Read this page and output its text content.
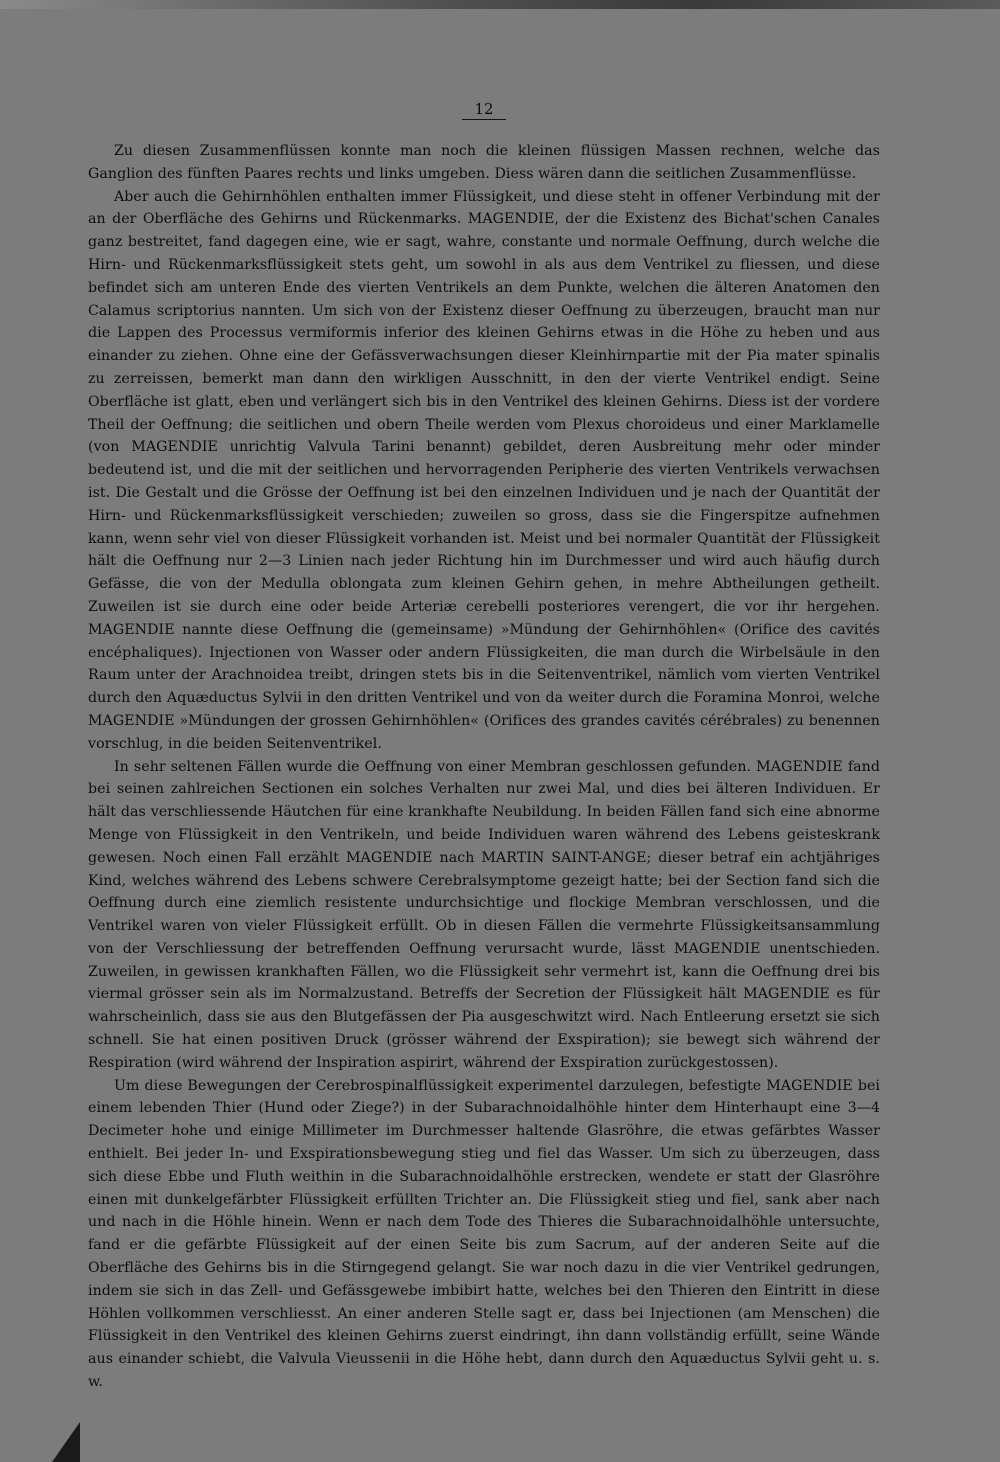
12

Zu diesen Zusammenflüssen konnte man noch die kleinen flüssigen Massen rechnen, welche das Ganglion des fünften Paares rechts und links umgeben. Diess wären dann die seitlichen Zusammenflüsse.

Aber auch die Gehirnhöhlen enthalten immer Flüssigkeit, und diese steht in offener Verbindung mit der an der Oberfläche des Gehirns und Rückenmarks. MAGENDIE, der die Existenz des Bichat'schen Canales ganz bestreitet, fand dagegen eine, wie er sagt, wahre, constante und normale Oeffnung, durch welche die Hirn- und Rückenmarksflüssigkeit stets geht, um sowohl in als aus dem Ventrikel zu fliessen, und diese befindet sich am unteren Ende des vierten Ventrikels an dem Punkte, welchen die älteren Anatomen den Calamus scriptorius nannten. Um sich von der Existenz dieser Oeffnung zu überzeugen, braucht man nur die Lappen des Processus vermiformis inferior des kleinen Gehirns etwas in die Höhe zu heben und aus einander zu ziehen. Ohne eine der Gefässverwachsungen dieser Kleinhirnpartie mit der Pia mater spinalis zu zerreissen, bemerkt man dann den wirkligen Ausschnitt, in den der vierte Ventrikel endigt. Seine Oberfläche ist glatt, eben und verlängert sich bis in den Ventrikel des kleinen Gehirns. Diess ist der vordere Theil der Oeffnung; die seitlichen und obern Theile werden vom Plexus choroideus und einer Marklamelle (von MAGENDIE unrichtig Valvula Tarini benannt) gebildet, deren Ausbreitung mehr oder minder bedeutend ist, und die mit der seitlichen und hervorragenden Peripherie des vierten Ventrikels verwachsen ist. Die Gestalt und die Grösse der Oeffnung ist bei den einzelnen Individuen und je nach der Quantität der Hirn- und Rückenmarksflüssigkeit verschieden; zuweilen so gross, dass sie die Fingerspitze aufnehmen kann, wenn sehr viel von dieser Flüssigkeit vorhanden ist. Meist und bei normaler Quantität der Flüssigkeit hält die Oeffnung nur 2—3 Linien nach jeder Richtung hin im Durchmesser und wird auch häufig durch Gefässe, die von der Medulla oblongata zum kleinen Gehirn gehen, in mehre Abtheilungen getheilt. Zuweilen ist sie durch eine oder beide Arteriæ cerebelli posteriores verengert, die vor ihr hergehen. MAGENDIE nannte diese Oeffnung die (gemeinsame) »Mündung der Gehirnhöhlen« (Orifice des cavités encéphaliques). Injectionen von Wasser oder andern Flüssigkeiten, die man durch die Wirbelsäule in den Raum unter der Arachnoidea treibt, dringen stets bis in die Seitenventrikel, nämlich vom vierten Ventrikel durch den Aquæductus Sylvii in den dritten Ventrikel und von da weiter durch die Foramina Monroi, welche MAGENDIE »Mündungen der grossen Gehirnhöhlen« (Orifices des grandes cavités cérébrales) zu benennen vorschlug, in die beiden Seitenventrikel.

In sehr seltenen Fällen wurde die Oeffnung von einer Membran geschlossen gefunden. MAGENDIE fand bei seinen zahlreichen Sectionen ein solches Verhalten nur zwei Mal, und dies bei älteren Individuen. Er hält das verschliessende Häutchen für eine krankhafte Neubildung. In beiden Fällen fand sich eine abnorme Menge von Flüssigkeit in den Ventrikeln, und beide Individuen waren während des Lebens geisteskrank gewesen. Noch einen Fall erzählt MAGENDIE nach MARTIN SAINT-ANGE; dieser betraf ein achtjähriges Kind, welches während des Lebens schwere Cerebralsymptome gezeigt hatte; bei der Section fand sich die Oeffnung durch eine ziemlich resistente undurchsichtige und flockige Membran verschlossen, und die Ventrikel waren von vieler Flüssigkeit erfüllt. Ob in diesen Fällen die vermehrte Flüssigkeitsansammlung von der Verschliessung der betreffenden Oeffnung verursacht wurde, lässt MAGENDIE unentschieden. Zuweilen, in gewissen krankhaften Fällen, wo die Flüssigkeit sehr vermehrt ist, kann die Oeffnung drei bis viermal grösser sein als im Normalzustand. Betreffs der Secretion der Flüssigkeit hält MAGENDIE es für wahrscheinlich, dass sie aus den Blutgefässen der Pia ausgeschwitzt wird. Nach Entleerung ersetzt sie sich schnell. Sie hat einen positiven Druck (grösser während der Exspiration); sie bewegt sich während der Respiration (wird während der Inspiration aspirirt, während der Exspiration zurückgestossen).

Um diese Bewegungen der Cerebrospinalflüssigkeit experimentel darzulegen, befestigte MAGENDIE bei einem lebenden Thier (Hund oder Ziege?) in der Subarachnoidalhöhle hinter dem Hinterhaupt eine 3—4 Decimeter hohe und einige Millimeter im Durchmesser haltende Glasröhre, die etwas gefärbtes Wasser enthielt. Bei jeder In- und Exspirationsbewegung stieg und fiel das Wasser. Um sich zu überzeugen, dass sich diese Ebbe und Fluth weithin in die Subarachnoidalhöhle erstrecken, wendete er statt der Glasröhre einen mit dunkelgefärbter Flüssigkeit erfüllten Trichter an. Die Flüssigkeit stieg und fiel, sank aber nach und nach in die Höhle hinein. Wenn er nach dem Tode des Thieres die Subarachnoidalhöhle untersuchte, fand er die gefärbte Flüssigkeit auf der einen Seite bis zum Sacrum, auf der anderen Seite auf die Oberfläche des Gehirns bis in die Stirngegend gelangt. Sie war noch dazu in die vier Ventrikel gedrungen, indem sie sich in das Zell- und Gefässgewebe imbibirt hatte, welches bei den Thieren den Eintritt in diese Höhlen vollkommen verschliesst. An einer anderen Stelle sagt er, dass bei Injectionen (am Menschen) die Flüssigkeit in den Ventrikel des kleinen Gehirns zuerst eindringt, ihn dann vollständig erfüllt, seine Wände aus einander schiebt, die Valvula Vieussenii in die Höhe hebt, dann durch den Aquæductus Sylvii geht u. s. w.
